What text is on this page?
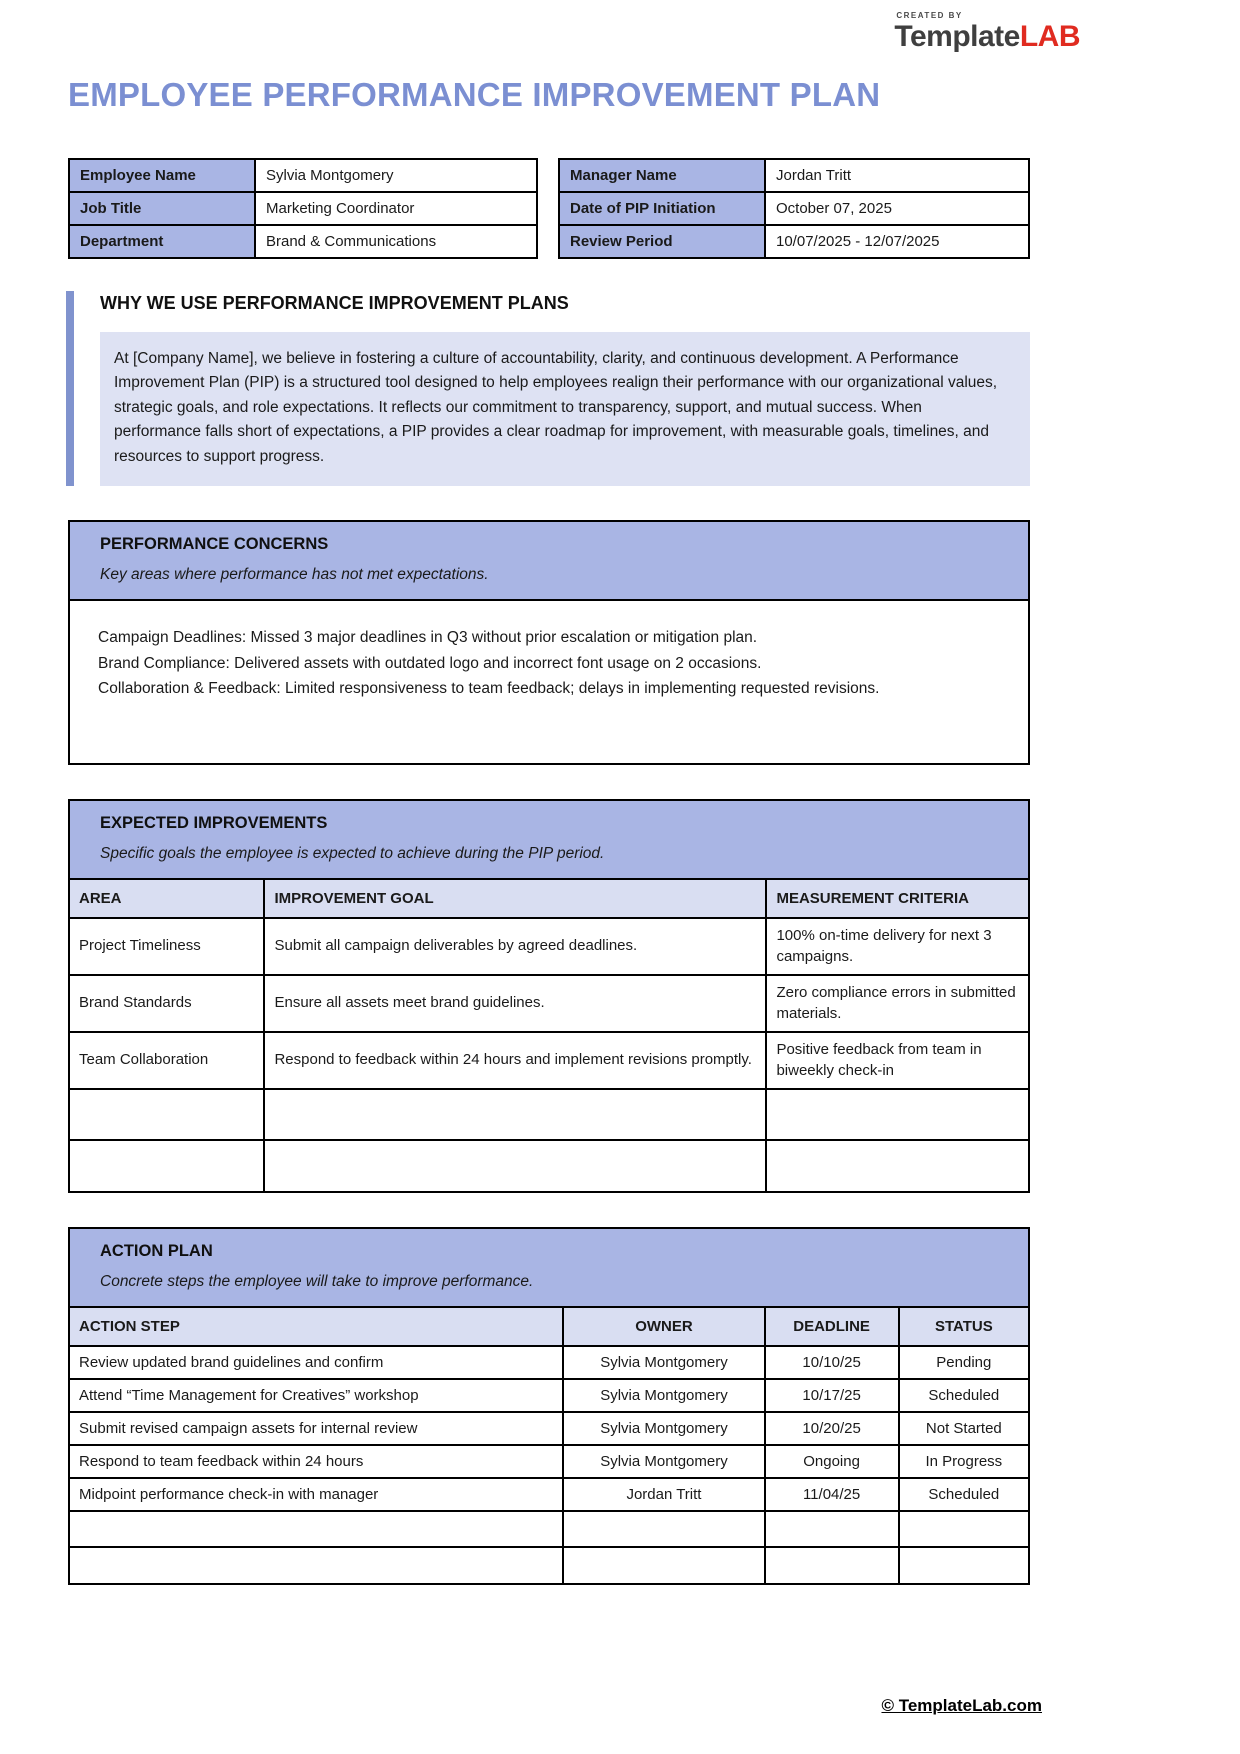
CREATED BY
TemplateLAB
EMPLOYEE PERFORMANCE IMPROVEMENT PLAN
Employee Name	Sylvia Montgomery
Job Title	Marketing Coordinator
Department	Brand & Communications
Manager Name	Jordan Tritt
Date of PIP Initiation	October 07, 2025
Review Period	10/07/2025 - 12/07/2025
WHY WE USE PERFORMANCE IMPROVEMENT PLANS
At [Company Name], we believe in fostering a culture of accountability, clarity, and continuous development. A Performance Improvement Plan (PIP) is a structured tool designed to help employees realign their performance with our organizational values, strategic goals, and role expectations. It reflects our commitment to transparency, support, and mutual success. When performance falls short of expectations, a PIP provides a clear roadmap for improvement, with measurable goals, timelines, and resources to support progress.
PERFORMANCE CONCERNS
Key areas where performance has not met expectations.
Campaign Deadlines: Missed 3 major deadlines in Q3 without prior escalation or mitigation plan.
Brand Compliance: Delivered assets with outdated logo and incorrect font usage on 2 occasions.
Collaboration & Feedback: Limited responsiveness to team feedback; delays in implementing requested revisions.
EXPECTED IMPROVEMENTS
Specific goals the employee is expected to achieve during the PIP period.
AREA	IMPROVEMENT GOAL	MEASUREMENT CRITERIA
Project Timeliness	Submit all campaign deliverables by agreed deadlines.	100% on-time delivery for next 3 campaigns.
Brand Standards	Ensure all assets meet brand guidelines.	Zero compliance errors in submitted materials.
Team Collaboration	Respond to feedback within 24 hours and implement revisions promptly.	Positive feedback from team in biweekly check-in

ACTION PLAN
Concrete steps the employee will take to improve performance.
ACTION STEP	OWNER	DEADLINE	STATUS
Review updated brand guidelines and confirm	Sylvia Montgomery	10/10/25	Pending
Attend “Time Management for Creatives” workshop	Sylvia Montgomery	10/17/25	Scheduled
Submit revised campaign assets for internal review	Sylvia Montgomery	10/20/25	Not Started
Respond to team feedback within 24 hours	Sylvia Montgomery	Ongoing	In Progress
Midpoint performance check-in with manager	Jordan Tritt	11/04/25	Scheduled

© TemplateLab.com
